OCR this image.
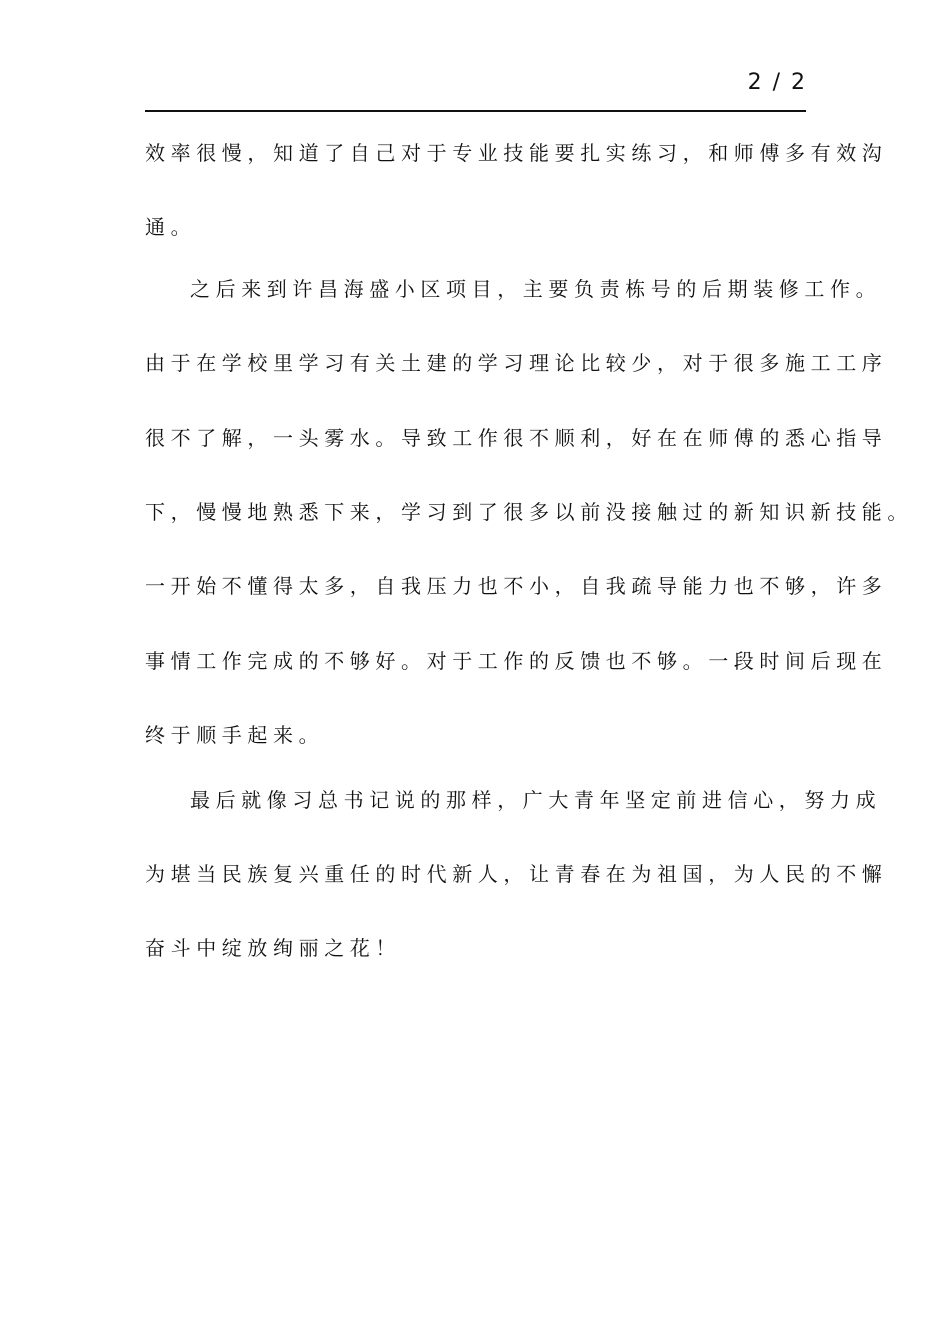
2 / 2
效率很慢，知道了自己对于专业技能要扎实练习，和师傅多有效沟
通。
之后来到许昌海盛小区项目，主要负责栋号的后期装修工作。
由于在学校里学习有关土建的学习理论比较少，对于很多施工工序
很不了解，一头雾水。导致工作很不顺利，好在在师傅的悉心指导
下，慢慢地熟悉下来，学习到了很多以前没接触过的新知识新技能。
一开始不懂得太多，自我压力也不小，自我疏导能力也不够，许多
事情工作完成的不够好。对于工作的反馈也不够。一段时间后现在
终于顺手起来。
最后就像习总书记说的那样，广大青年坚定前进信心，努力成
为堪当民族复兴重任的时代新人，让青春在为祖国，为人民的不懈
奋斗中绽放绚丽之花！
